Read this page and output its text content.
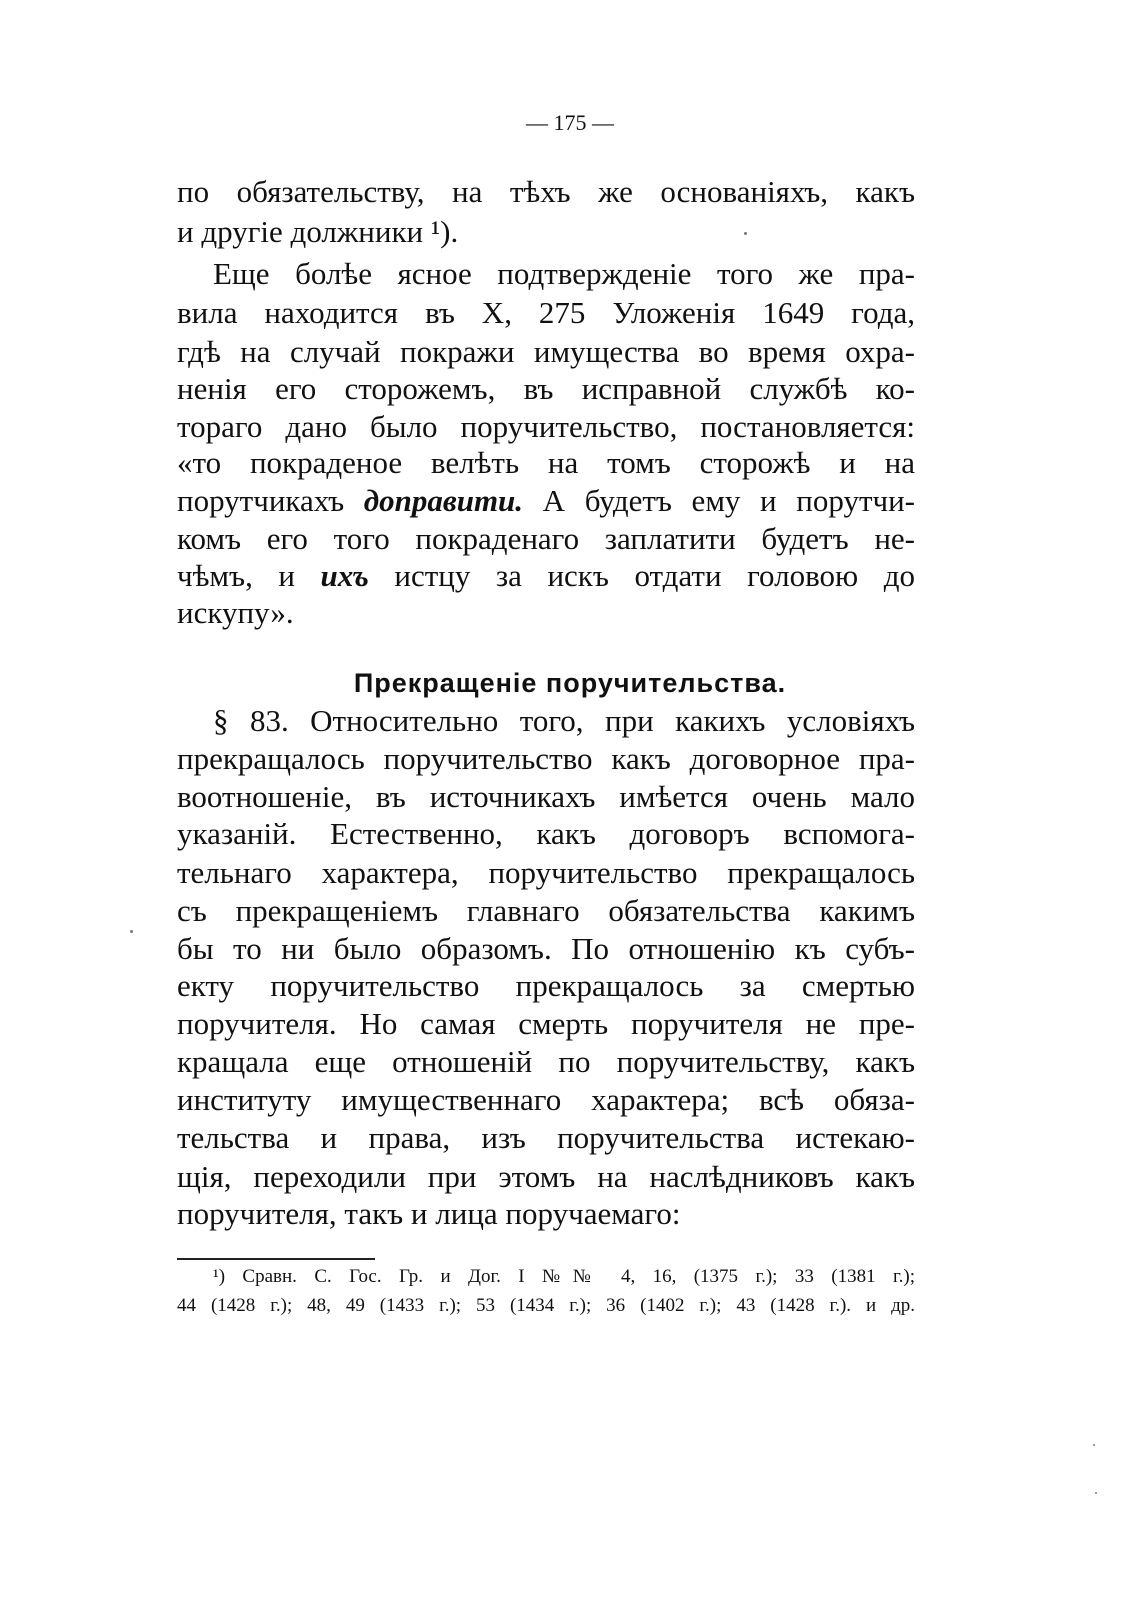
— 175 —
по обязательству, на тѣхъ же основаніяхъ, какъ
и другіе должники ¹).
Еще болѣе ясное подтвержденіе того же пра-
вила находится въ X, 275 Уложенія 1649 года,
гдѣ на случай покражи имущества во время охра-
ненія его сторожемъ, въ исправной службѣ ко-
тораго дано было поручительство, постановляется:
«то покраденое велѣть на томъ сторожѣ и на
порутчикахъ доправити. А будетъ ему и порутчи-
комъ его того покраденаго заплатити будетъ не-
чѣмъ, и ихъ истцу за искъ отдати головою до
искупу».
Прекращеніе поручительства.
§ 83. Относительно того, при какихъ условіяхъ
прекращалось поручительство какъ договорное пра-
воотношеніе, въ источникахъ имѣется очень мало
указаній. Естественно, какъ договоръ вспомога-
тельнаго характера, поручительство прекращалось
съ прекращеніемъ главнаго обязательства какимъ
бы то ни было образомъ. По отношенію къ субъ-
екту поручительство прекращалось за смертью
поручителя. Но самая смерть поручителя не пре-
кращала еще отношеній по поручительству, какъ
институту имущественнаго характера; всѣ обяза-
тельства и права, изъ поручительства истекаю-
щія, переходили при этомъ на наслѣдниковъ какъ
поручителя, такъ и лица поручаемаго:
¹) Сравн. С. Гос. Гр. и Дог. I №№ 4, 16, (1375 г.); 33 (1381 г.);
44 (1428 г.); 48, 49 (1433 г.); 53 (1434 г.); 36 (1402 г.); 43 (1428 г.). и др.
